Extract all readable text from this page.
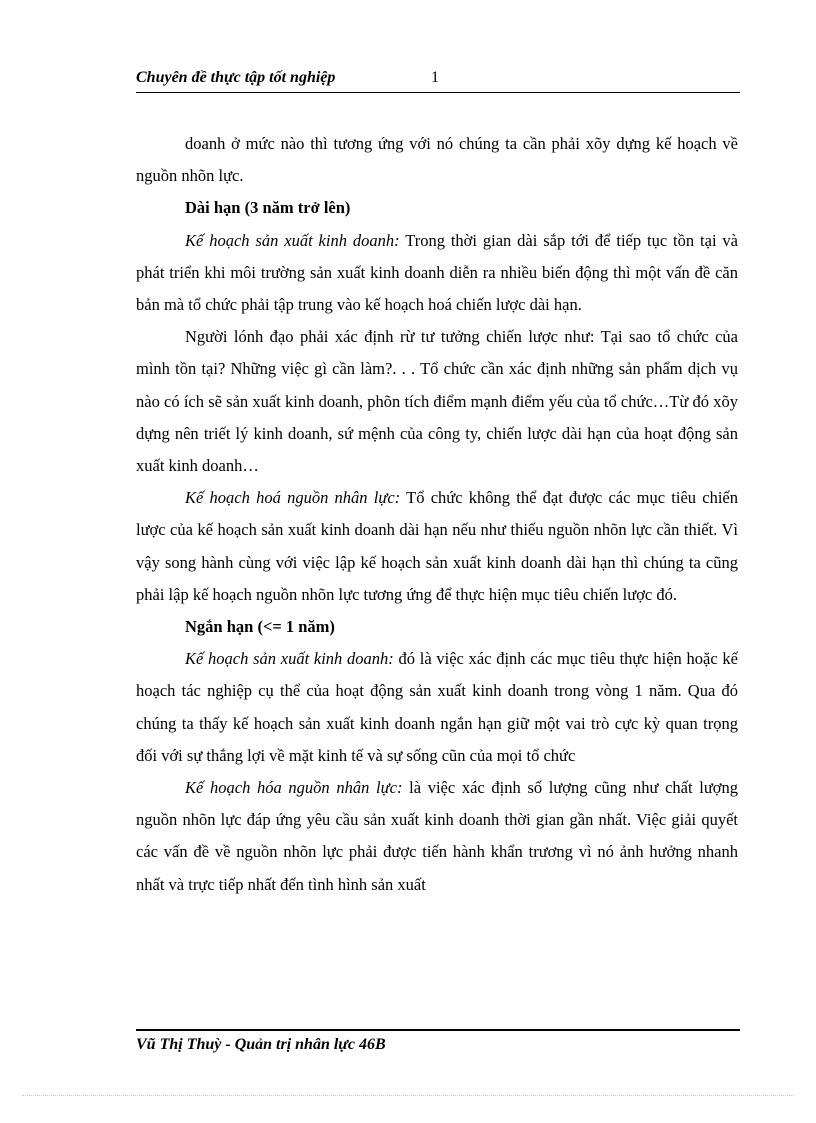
Chuyên đề thực tập tốt nghiệp	1

doanh ở mức nào thì tương ứng với nó chúng ta cần phải xõy dựng kế hoạch về nguồn nhõn lực.

Dài hạn (3 năm trở lên)

Kế hoạch sản xuất kinh doanh: Trong thời gian dài sắp tới để tiếp tục tồn tại và phát triển khi môi trường sản xuất kinh doanh diễn ra nhiều biến động thì một vấn đề căn bản mà tổ chức phải tập trung vào kế hoạch hoá chiến lược dài hạn.

Người lónh đạo phải xác định rừ tư tưởng chiến lược như: Tại sao tổ chức của mình tồn tại? Những việc gì cần làm?. . . Tổ chức cần xác định những sản phẩm dịch vụ nào có ích sẽ sản xuất kinh doanh, phõn tích điểm mạnh điểm yếu của tổ chức…Từ đó xõy dựng nên triết lý kinh doanh, sứ mệnh của công ty, chiến lược dài hạn của hoạt động sản xuất kinh doanh…

Kế hoạch hoá nguồn nhân lực: Tổ chức không thể đạt được các mục tiêu chiến lược của kế hoạch sản xuất kinh doanh dài hạn nếu như thiếu nguồn nhõn lực cần thiết. Vì vậy song hành cùng với việc lập kế hoạch sản xuất kinh doanh dài hạn thì chúng ta cũng phải lập kế hoạch nguồn nhõn lực tương ứng để thực hiện mục tiêu chiến lược đó.

Ngắn hạn (<= 1 năm)

Kế hoạch sản xuất kinh doanh: đó là việc xác định các mục tiêu thực hiện hoặc kế hoạch tác nghiệp cụ thể của hoạt động sản xuất kinh doanh trong vòng 1 năm. Qua đó chúng ta thấy kế hoạch sản xuất kinh doanh ngắn hạn giữ một vai trò cực kỳ quan trọng đối với sự thắng lợi về mặt kinh tế và sự sống cũn của mọi tổ chức

Kế hoạch hóa nguồn nhân lực: là việc xác định số lượng cũng như chất lượng nguồn nhõn lực đáp ứng yêu cầu sản xuất kinh doanh thời gian gần nhất. Việc giải quyết các vấn đề về nguồn nhõn lực phải được tiến hành khẩn trương vì nó ảnh hưởng nhanh nhất và trực tiếp nhất đến tình hình sản xuất

Vũ Thị Thuỳ - Quản trị nhân lực 46B
